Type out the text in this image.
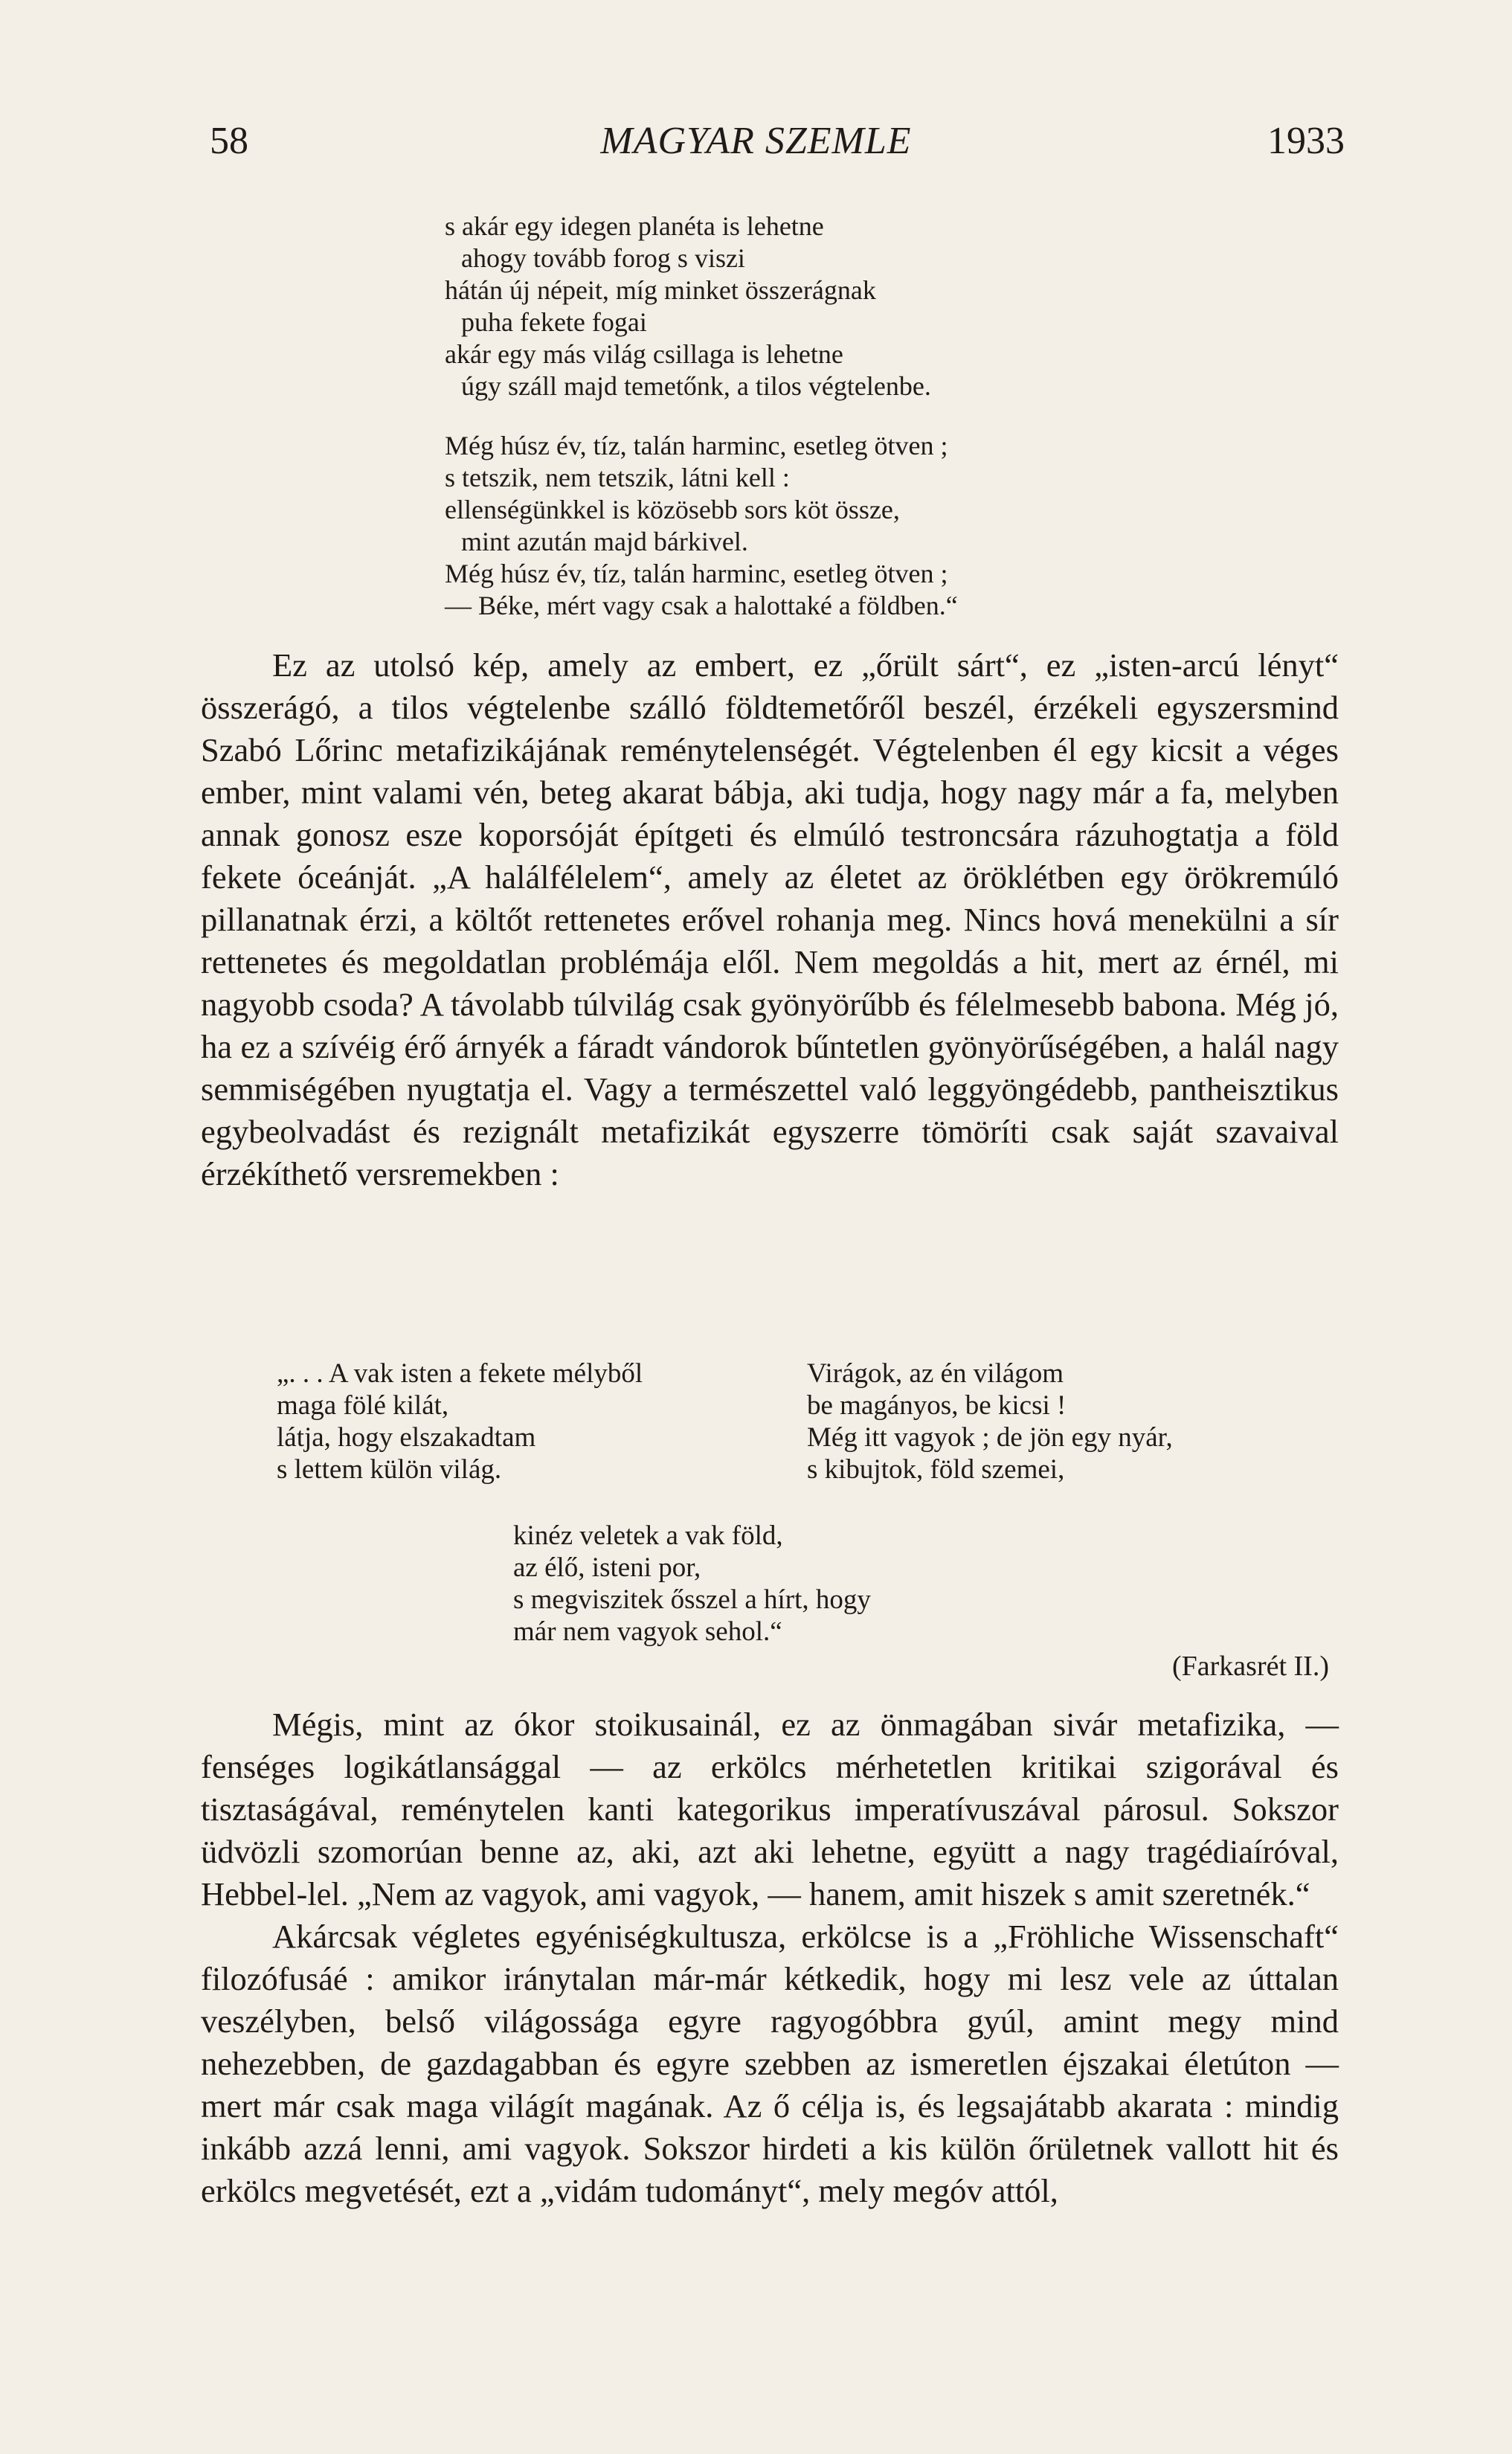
58	MAGYAR SZEMLE	1933
s akár egy idegen planéta is lehetne
ahogy tovább forog s viszi
hátán új népeit, míg minket összerágnak
puha fekete fogai
akár egy más világ csillaga is lehetne
úgy száll majd temetőnk, a tilos végtelenbe.
Még húsz év, tíz, talán harminc, esetleg ötven ;
s tetszik, nem tetszik, látni kell :
ellenségünkkel is közösebb sors köt össze,
mint azután majd bárkivel.
Még húsz év, tíz, talán harminc, esetleg ötven ;
— Béke, mért vagy csak a halottaké a földben.“

Ez az utolsó kép, amely az embert, ez „őrült sárt“, ez „isten-arcú lényt“ összerágó, a tilos végtelenbe szálló földtemetőről beszél, érzékeli egyszersmind Szabó Lőrinc metafizikájának reménytelenségét. Végtelenben él egy kicsit a véges ember, mint valami vén, beteg akarat bábja, aki tudja, hogy nagy már a fa, melyben annak gonosz esze koporsóját építgeti és elmúló testroncsára rázuhogtatja a föld fekete óceánját. „A halálfélelem“, amely az életet az öröklétben egy örökremúló pillanatnak érzi, a költőt rettenetes erővel rohanja meg. Nincs hová menekülni a sír rettenetes és megoldatlan problémája elől. Nem megoldás a hit, mert az érnél, mi nagyobb csoda? A távolabb túlvilág csak gyönyörűbb és félelmesebb babona. Még jó, ha ez a szívéig érő árnyék a fáradt vándorok bűntetlen gyönyörűségében, a halál nagy semmiségében nyugtatja el. Vagy a természettel való leggyöngédebb, pantheisztikus egybeolvadást és rezignált metafizikát egyszerre tömöríti csak saját szavaival érzékíthető versremekben :

„. . . A vak isten a fekete mélyből
maga fölé kilát,
látja, hogy elszakadtam
s lettem külön világ.
Virágok, az én világom
be magányos, be kicsi !
Még itt vagyok ; de jön egy nyár,
s kibujtok, föld szemei,
kinéz veletek a vak föld,
az élő, isteni por,
s megviszitek ősszel a hírt, hogy
már nem vagyok sehol.“
(Farkasrét II.)

Mégis, mint az ókor stoikusainál, ez az önmagában sivár metafizika, — fenséges logikátlansággal — az erkölcs mérhetetlen kritikai szigorával és tisztaságával, reménytelen kanti kategorikus imperatívuszával párosul. Sokszor üdvözli szomorúan benne az, aki, azt aki lehetne, együtt a nagy tragédiaíróval, Hebbel-lel. „Nem az vagyok, ami vagyok, — hanem, amit hiszek s amit szeretnék.“

Akárcsak végletes egyéniségkultusza, erkölcse is a „Fröhliche Wissenschaft“ filozófusáé : amikor iránytalan már-már kétkedik, hogy mi lesz vele az úttalan veszélyben, belső világossága egyre ragyogóbbra gyúl, amint megy mind nehezebben, de gazdagabban és egyre szebben az ismeretlen éjszakai életúton — mert már csak maga világít magának. Az ő célja is, és legsajátabb akarata : mindig inkább azzá lenni, ami vagyok. Sokszor hirdeti a kis külön őrületnek vallott hit és erkölcs megvetését, ezt a „vidám tudományt“, mely megóv attól,
